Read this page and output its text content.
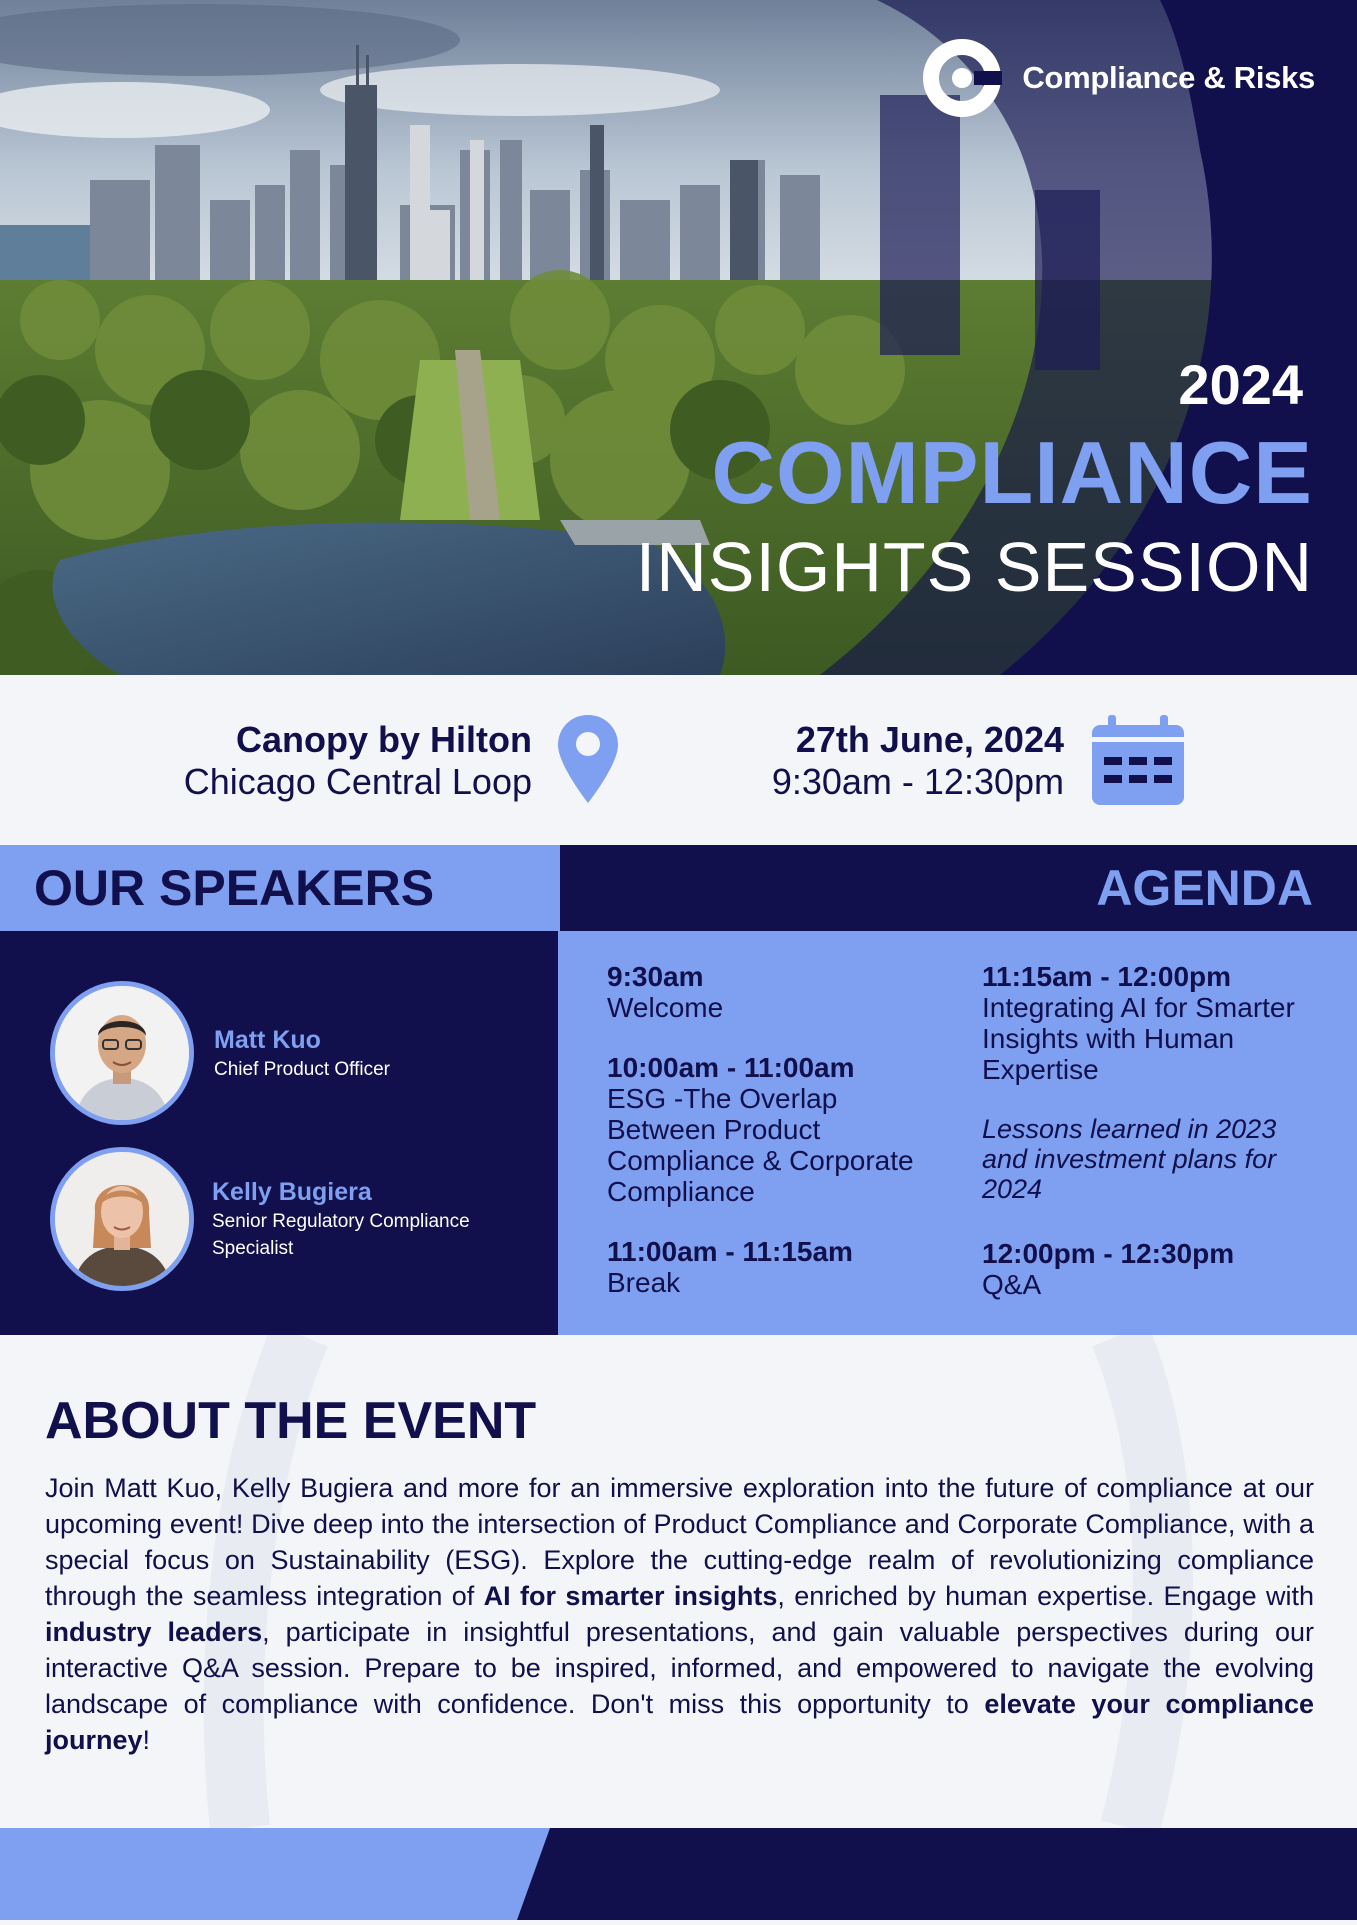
Compliance & Risks
2024
COMPLIANCE
INSIGHTS SESSION
Canopy by Hilton
Chicago Central Loop
27th June, 2024
9:30am - 12:30pm
OUR SPEAKERS	AGENDA
Matt Kuo
Chief Product Officer
Kelly Bugiera
Senior Regulatory Compliance Specialist
9:30am
Welcome
10:00am - 11:00am
ESG -The Overlap Between Product Compliance & Corporate Compliance
11:00am - 11:15am
Break
11:15am - 12:00pm
Integrating AI for Smarter Insights with Human Expertise
Lessons learned in 2023 and investment plans for 2024
12:00pm - 12:30pm
Q&A
ABOUT THE EVENT

Join Matt Kuo, Kelly Bugiera and more for an immersive exploration into the future of compliance at our upcoming event! Dive deep into the intersection of Product Compliance and Corporate Compliance, with a special focus on Sustainability (ESG). Explore the cutting-edge realm of revolutionizing compliance through the seamless integration of AI for smarter insights, enriched by human expertise. Engage with industry leaders, participate in insightful presentations, and gain valuable perspectives during our interactive Q&A session. Prepare to be inspired, informed, and empowered to navigate the evolving landscape of compliance with confidence. Don't miss this opportunity to elevate your compliance journey!
